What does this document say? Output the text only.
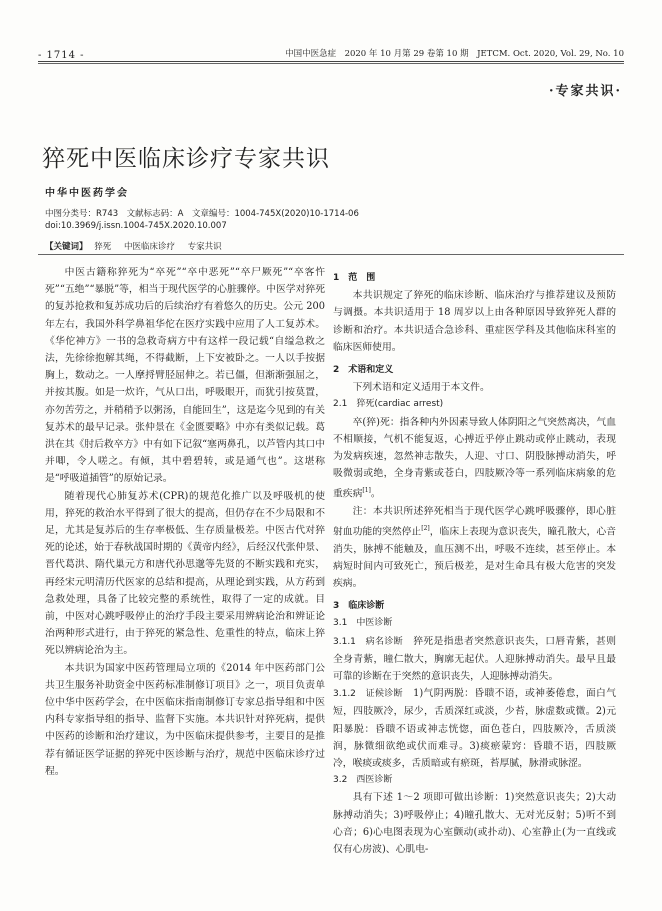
- 1714 -	中国中医急症　2020 年 10 月第 29 卷第 10 期　JETCM. Oct. 2020, Vol. 29, No. 10
·专家共识·
猝死中医临床诊疗专家共识
中华中医药学会
中图分类号：R743　文献标志码：A　文章编号：1004-745X(2020)10-1714-06
doi:10.3969/j.issn.1004-745X.2020.10.007
【关键词】 猝死 中医临床诊疗 专家共识

中医古籍称猝死为“卒死”“卒中恶死”“卒尸厥死”“卒客忤死”“五绝”“暴脱”等，相当于现代医学的心脏骤停。中医学对猝死的复苏抢救和复苏成功后的后续治疗有着悠久的历史。公元 200 年左右，我国外科学鼻祖华佗在医疗实践中应用了人工复苏术。《华佗神方》一书的急救奇病方中有这样一段记载“自缢急救之法，先徐徐抱解其绳，不得截断，上下安被卧之。一人以手按据胸上，数动之。一人摩捋臂胫屈伸之。若已僵，但渐渐强屈之，并按其腹。如是一炊许，气从口出，呼吸眼开，而犹引按莫置，亦勿苦劳之，并稍稍予以粥汤，自能回生”，这是迄今见到的有关复苏术的最早记录。张仲景在《金匮要略》中亦有类似记载。葛洪在其《肘后救卒方》中有如下记叙“塞两鼻孔，以芦管内其口中并唧，令人嗟之。有倾，其中碧碧转，或是通气也”。这堪称是“呼吸道插管”的原始记录。

随着现代心肺复苏术(CPR)的规范化推广以及呼吸机的使用，猝死的救治水平得到了很大的提高，但仍存在不少局限和不足，尤其是复苏后的生存率极低、生存质量极差。中医古代对猝死的论述，始于春秋战国时期的《黄帝内经》，后经汉代张仲景、晋代葛洪、隋代巢元方和唐代孙思邈等先贤的不断实践和充实，再经宋元明清历代医家的总结和提高，从理论到实践，从方药到急救处理，具备了比较完整的系统性，取得了一定的成就。目前，中医对心跳呼吸停止的治疗手段主要采用辨病论治和辨证论治两种形式进行，由于猝死的紧急性、危重性的特点，临床上猝死以辨病论治为主。

本共识为国家中医药管理局立项的《2014 年中医药部门公共卫生服务补助资金中医药标准制修订项目》之一，项目负责单位中华中医药学会，在中医临床指南制修订专家总指导组和中医内科专家指导组的指导、监督下实施。本共识针对猝死病，提供中医药的诊断和治疗建议，为中医临床提供参考，主要目的是推荐有循证医学证据的猝死中医诊断与治疗，规范中医临床诊疗过程。

1　范　围

本共识规定了猝死的临床诊断、临床治疗与推荐建议及预防与调摄。本共识适用于 18 周岁以上由各种原因导致猝死人群的诊断和治疗。本共识适合急诊科、重症医学科及其他临床科室的临床医师使用。

2　术语和定义

下列术语和定义适用于本文件。

2.1　猝死(cardiac arrest)

卒(猝)死：指各种内外因素导致人体阴阳之气突然离决，气血不相顺接，气机不能复返，心搏近乎停止跳动或停止跳动，表现为发病疾速，忽然神志散失，人迎、寸口、阴股脉搏动消失，呼吸微弱或绝，全身青紫或苍白，四肢厥冷等一系列临床病象的危重疾病[1]。

注：本共识所述猝死相当于现代医学心跳呼吸骤停，即心脏射血功能的突然停止[2]，临床上表现为意识丧失，瞳孔散大，心音消失，脉搏不能触及，血压测不出，呼吸不连续，甚至停止。本病短时间内可致死亡，预后极差，是对生命具有极大危害的突发疾病。

3　临床诊断
3.1　中医诊断
3.1.1　病名诊断　 猝死是指患者突然意识丧失，口唇青紫，甚则全身青紫，瞳仁散大，胸廓无起伏。人迎脉搏动消失。最早且最可靠的诊断在于突然的意识丧失，人迎脉搏动消失。
3.1.2　证候诊断　 1)气阴两脱：昏聩不语，或神萎倦怠，面白气短，四肢厥冷，尿少，舌质深红或淡，少苔，脉虚数或微。2)元阳暴脱：昏聩不语或神志恍惚，面色苍白，四肢厥冷，舌质淡润，脉微细欲绝或伏而难寻。3)痰瘀蒙窍：昏聩不语，四肢厥冷，喉痰或痰多，舌质暗或有瘀斑，苔厚腻，脉滑或脉涩。
3.2　西医诊断

具有下述 1～2 项即可做出诊断：1)突然意识丧失；2)大动脉搏动消失；3)呼吸停止；4)瞳孔散大、无对光反射；5)听不到心音；6)心电图表现为心室颤动(或扑动)、心室静止(为一直线或仅有心房波)、心肌电-
